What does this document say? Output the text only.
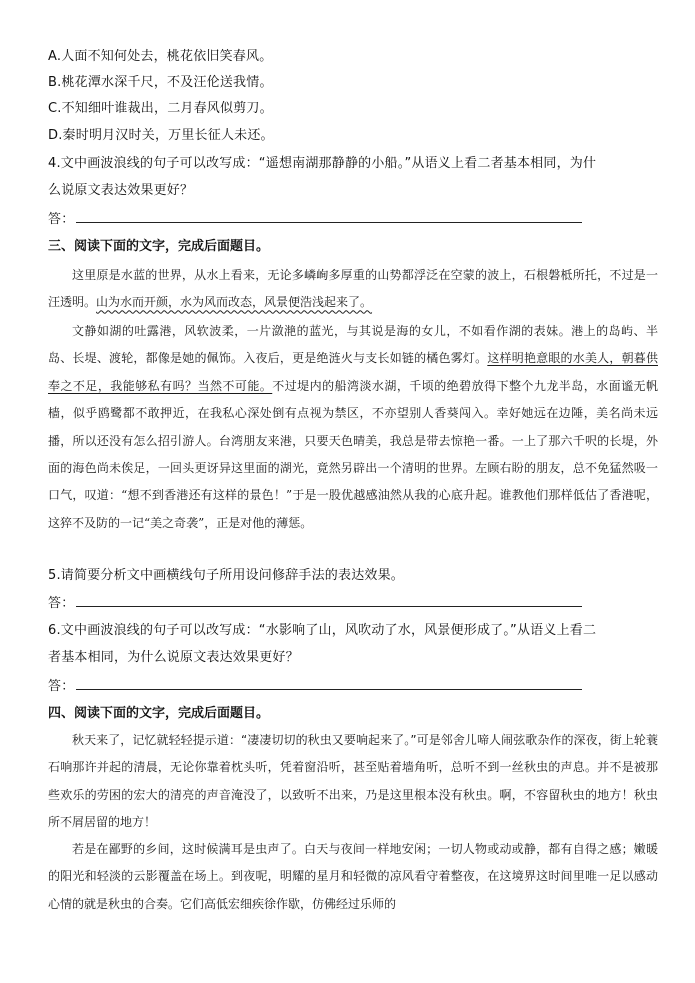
A.人面不知何处去，桃花依旧笑春风。
B.桃花潭水深千尺，不及汪伦送我情。
C.不知细叶谁裁出，二月春风似剪刀。
D.秦时明月汉时关，万里长征人未还。
4.文中画波浪线的句子可以改写成：“遥想南湖那静静的小船。”从语义上看二者基本相同，为什
么说原文表达效果更好？
答：
三、阅读下面的文字，完成后面题目。
这里原是水蓝的世界，从水上看来，无论多嶙峋多厚重的山势都浮泛在空蒙的波上，石根磐柢所托，不过是一汪透明。山为水而开颜，水为风而改态，风景便浩浅起来了。
文静如湖的吐露港，风软波柔，一片潋滟的蓝光，与其说是海的女儿，不如看作湖的表妹。港上的岛屿、半岛、长堤、渡轮，都像是她的佩饰。入夜后，更是绝涟火与支长如链的橘色雾灯。这样明艳意眼的水美人，朝暮供奉之不足，我能够私有吗？当然不可能。不过堤内的船湾淡水湖，千顷的绝碧放得下整个九龙半岛，水面谧无帆樯，似乎鸥鹭都不敢押近，在我私心深处倒有点视为禁区，不亦望别人香葵闯入。幸好她远在边陲，美名尚未远播，所以还没有怎么招引游人。台湾朋友来港，只要天色晴美，我总是带去惊艳一番。一上了那六千呎的长堤，外面的海色尚未俟足，一回头更讶异这里面的湖光，竟然另辟出一个清明的世界。左顾右盼的朋友，总不免猛然吸一口气，叹道：“想不到香港还有这样的景色！”于是一股优越感油然从我的心底升起。谁教他们那样低估了香港呢，这猝不及防的一记“美之奇袭”，正是对他的薄惩。
5.请简要分析文中画横线句子所用设问修辞手法的表达效果。
答：
6.文中画波浪线的句子可以改写成：“水影响了山，风吹动了水，风景便形成了。”从语义上看二
者基本相同，为什么说原文表达效果更好？
答：
四、阅读下面的文字，完成后面题目。
秋天来了，记忆就轻轻提示道：“凄凄切切的秋虫又要响起来了。”可是邻舍儿啼人闹弦歌杂作的深夜，街上轮蓑石响那许并起的清晨，无论你靠着枕头听，凭着窗沿听，甚至贴着墙角听，总听不到一丝秋虫的声息。并不是被那些欢乐的劳困的宏大的清亮的声音淹没了，以致听不出来，乃是这里根本没有秋虫。啊，不容留秋虫的地方！秋虫所不屑居留的地方！
若是在鄙野的乡间，这时候满耳是虫声了。白天与夜间一样地安闲；一切人物或动或静，都有自得之感；嫩暖的阳光和轻淡的云影覆盖在场上。到夜呢，明耀的星月和轻微的凉风看守着整夜，在这境界这时间里唯一足以感动心情的就是秋虫的合奏。它们高低宏细疾徐作歇，仿佛经过乐师的
